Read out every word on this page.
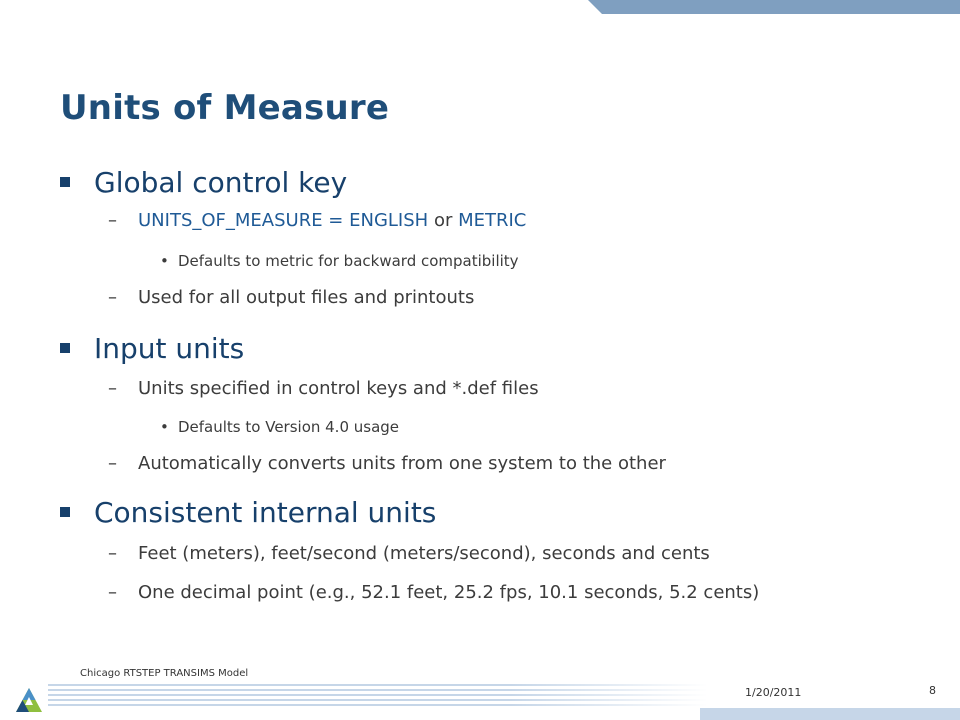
Units of Measure
Global control key
– UNITS_OF_MEASURE = ENGLISH or METRIC
• Defaults to metric for backward compatibility
– Used for all output files and printouts
Input units
– Units specified in control keys and *.def files
• Defaults to Version 4.0 usage
– Automatically converts units from one system to the other
Consistent internal units
– Feet (meters), feet/second (meters/second), seconds and cents
– One decimal point (e.g., 52.1 feet, 25.2 fps, 10.1 seconds, 5.2 cents)
Chicago RTSTEP TRANSIMS Model
1/20/2011	8
